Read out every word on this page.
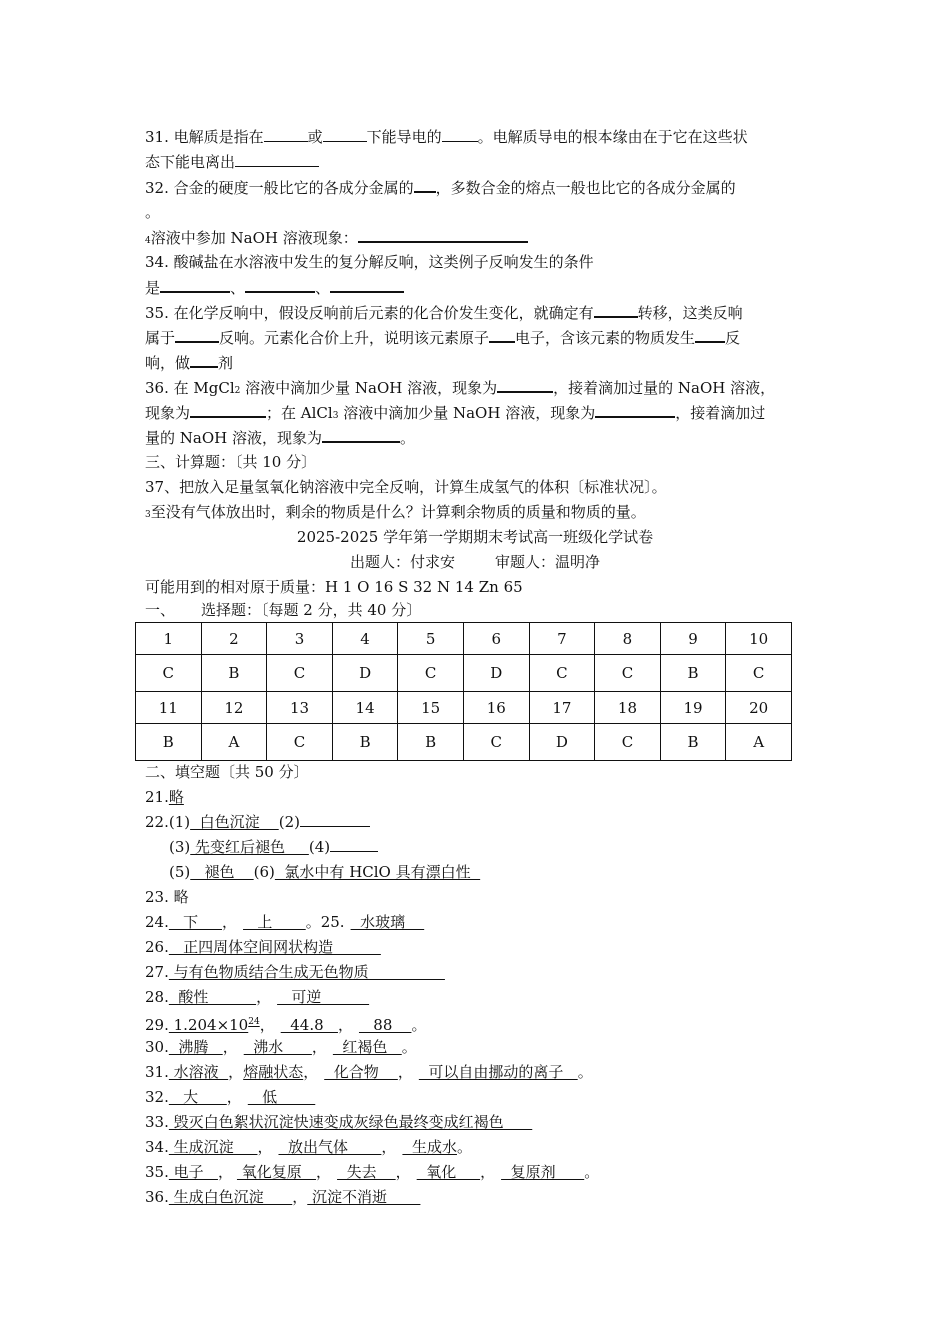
31. 电解质是指在	或	下能导电的 。电解质导电的根本缘由在于它在这些状
态下能电离出
32. 合金的硬度一般比它的各成分金属的 ，多数合金的熔点一般也比它的各成分金属的
。
4溶液中参加 NaOH 溶液现象：
34. 酸碱盐在水溶液中发生的复分解反响，这类例子反响发生的条件
是	、	、
35. 在化学反响中，假设反响前后元素的化合价发生变化，就确定有	转移，这类反响
属于	反响。元素化合价上升，说明该元素原子 电子，含该元素的物质发生 反
响，做 剂
36. 在 MgCl2 溶液中滴加少量 NaOH 溶液，现象为	，接着滴加过量的 NaOH 溶液，
现象为	；在 AlCl3 溶液中滴加少量 NaOH 溶液，现象为	，接着滴加过
量的 NaOH 溶液，现象为	。
三、计算题：〔共 10 分〕
37、把放入足量氢氧化钠溶液中完全反响，计算生成氢气的体积〔标准状况〕。
3至没有气体放出时，剩余的物质是什么？计算剩余物质的质量和物质的量。
2025-2025 学年第一学期期末考试高一班级化学试卷
出题人：付求安	审题人：温明净
可能用到的相对原于质量：H 1 O 16 S 32 N 14 Zn 65
一、 选择题：〔每题 2 分，共 40 分〕
1	2	3	4	5	6	7	8	9	10
C	B	C	D	C	D	C	C	B	C
11	12	13	14	15	16	17	18	19	20
B	A	C	B	B	C	D	C	B	A
二、填空题〔共 50 分〕
21.略
22.(1)  白色沉淀    (2)
(3) 先变红后褪色     (4)
(5)   褪色    (6)  氯水中有 HClO 具有漂白性
23. 略
24.   下     ，   上       。25.  水玻璃
26.   正四周体空间网状构造
27. 与有色物质结合生成无色物质
28.  酸性          ，   可逆
29. $1.204\times 10^{24}$，  44.8   ，   88    。
30.  沸腾   ，  沸水      ，  红褐色   。
31. 水溶液  ，熔融状态，  化合物    ，  可以自由挪动的离子   。
32.   大      ，   低
33. 毁灭白色絮状沉淀快速变成灰绿色最终变成红褐色
34. 生成沉淀     ，  放出气体       ，  生成水。
35. 电子   ， 氧化复原   ，  失去    ，  氧化     ，  复原剂      。
36. 生成白色沉淀      ， 沉淀不消逝
